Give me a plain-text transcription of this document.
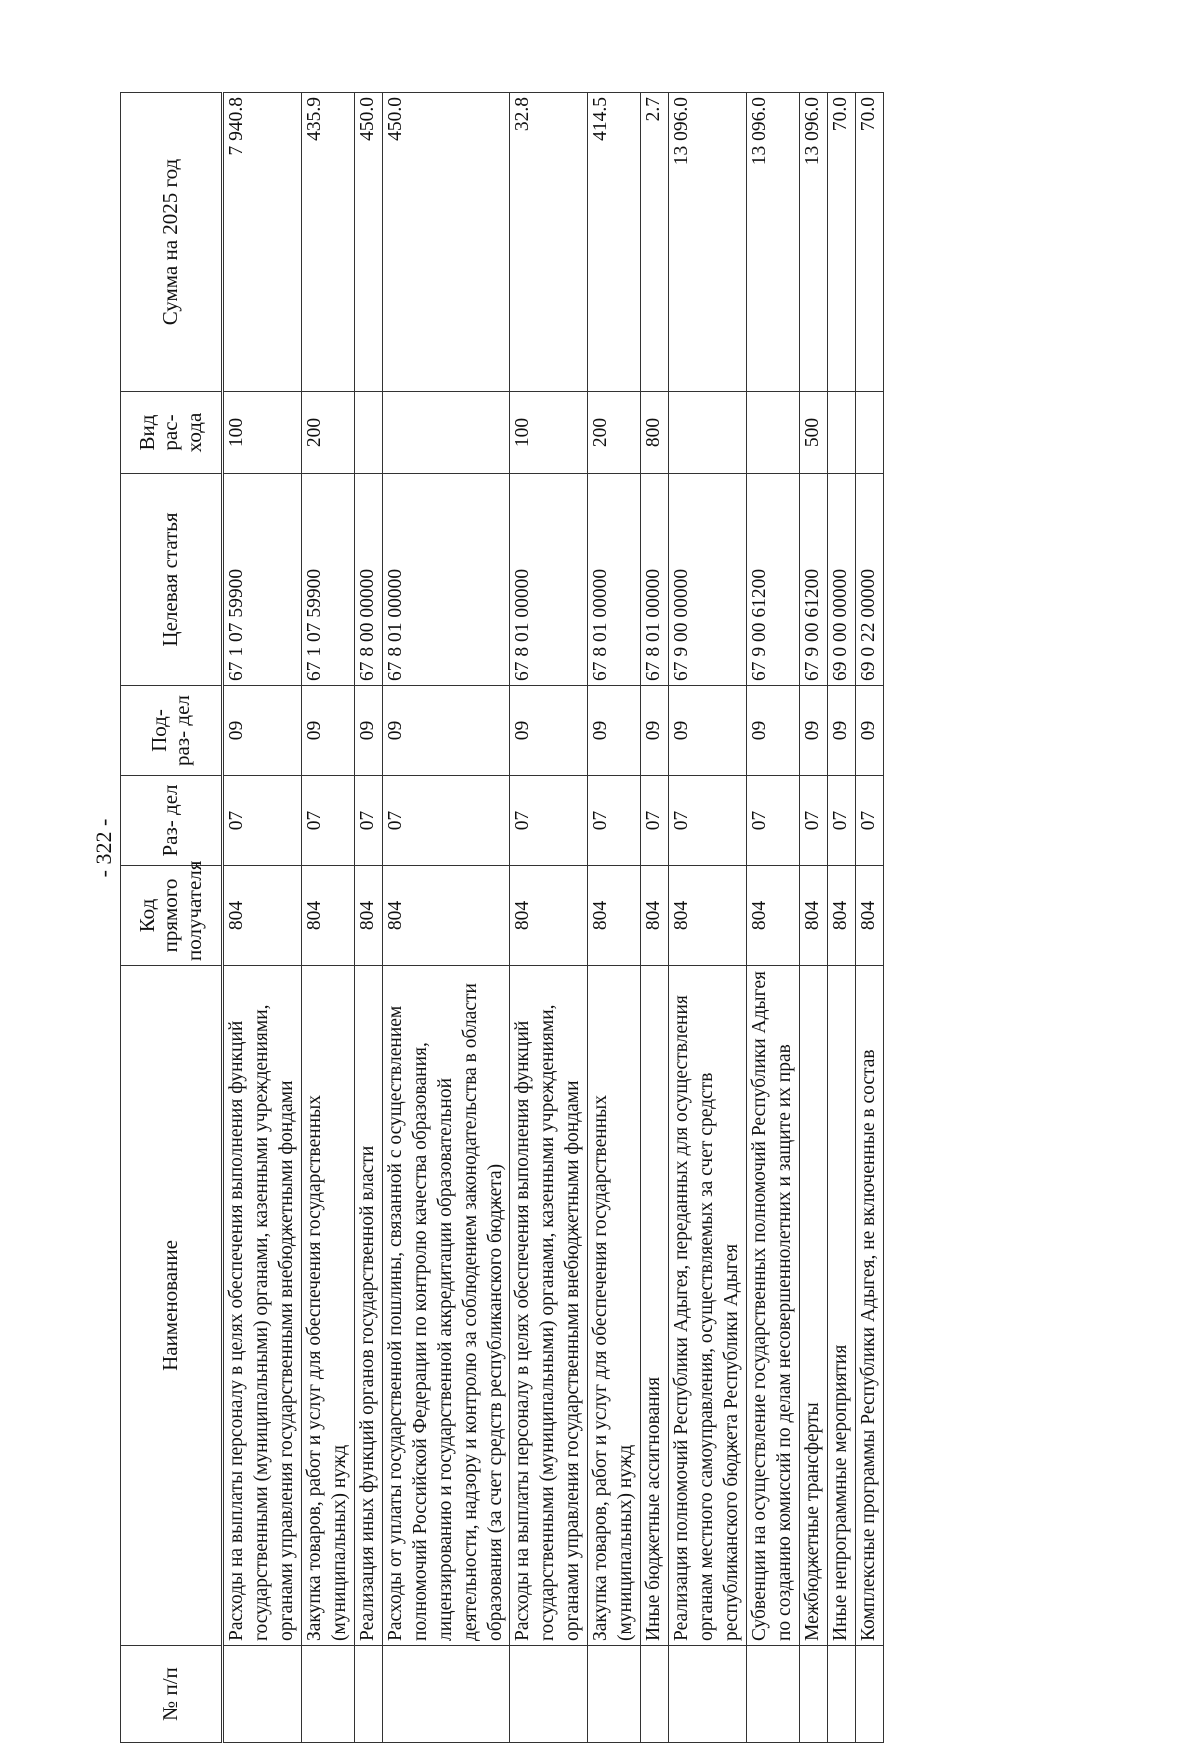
- 322 -
№ п/п	Наименование	Код прямого получателя	Раз- дел	Под- раз- дел	Целевая статья	Вид рас- хода	Сумма на 2025 год
	Расходы на выплаты персоналу в целях обеспечения выполнения функций государственными (муниципальными) органами, казенными учреждениями, органами управления государственными внебюджетными фондами	804	07	09	67 1 07 59900	100	7 940.8
	Закупка товаров, работ и услуг для обеспечения государственных (муниципальных) нужд	804	07	09	67 1 07 59900	200	435.9
	Реализация иных функций органов государственной власти	804	07	09	67 8 00 00000		450.0
	Расходы от уплаты государственной пошлины, связанной с осуществлением полномочий Российской Федерации по контролю качества образования, лицензированию и государственной аккредитации образовательной деятельности, надзору и контролю за соблюдением законодательства в области образования (за счет средств республиканского бюджета)	804	07	09	67 8 01 00000		450.0
	Расходы на выплаты персоналу в целях обеспечения выполнения функций государственными (муниципальными) органами, казенными учреждениями, органами управления государственными внебюджетными фондами	804	07	09	67 8 01 00000	100	32.8
	Закупка товаров, работ и услуг для обеспечения государственных (муниципальных) нужд	804	07	09	67 8 01 00000	200	414.5
	Иные бюджетные ассигнования	804	07	09	67 8 01 00000	800	2.7
	Реализация полномочий Республики Адыгея, переданных для осуществления органам местного самоуправления, осуществляемых за счет средств республиканского бюджета Республики Адыгея	804	07	09	67 9 00 00000		13 096.0
	Субвенции на осуществление государственных полномочий Республики Адыгея по созданию комиссий по делам несовершеннолетних и защите их прав	804	07	09	67 9 00 61200		13 096.0
	Межбюджетные трансферты	804	07	09	67 9 00 61200	500	13 096.0
	Иные непрограммные мероприятия	804	07	09	69 0 00 00000		70.0
	Комплексные программы Республики Адыгея, не включенные в состав	804	07	09	69 0 22 00000		70.0
